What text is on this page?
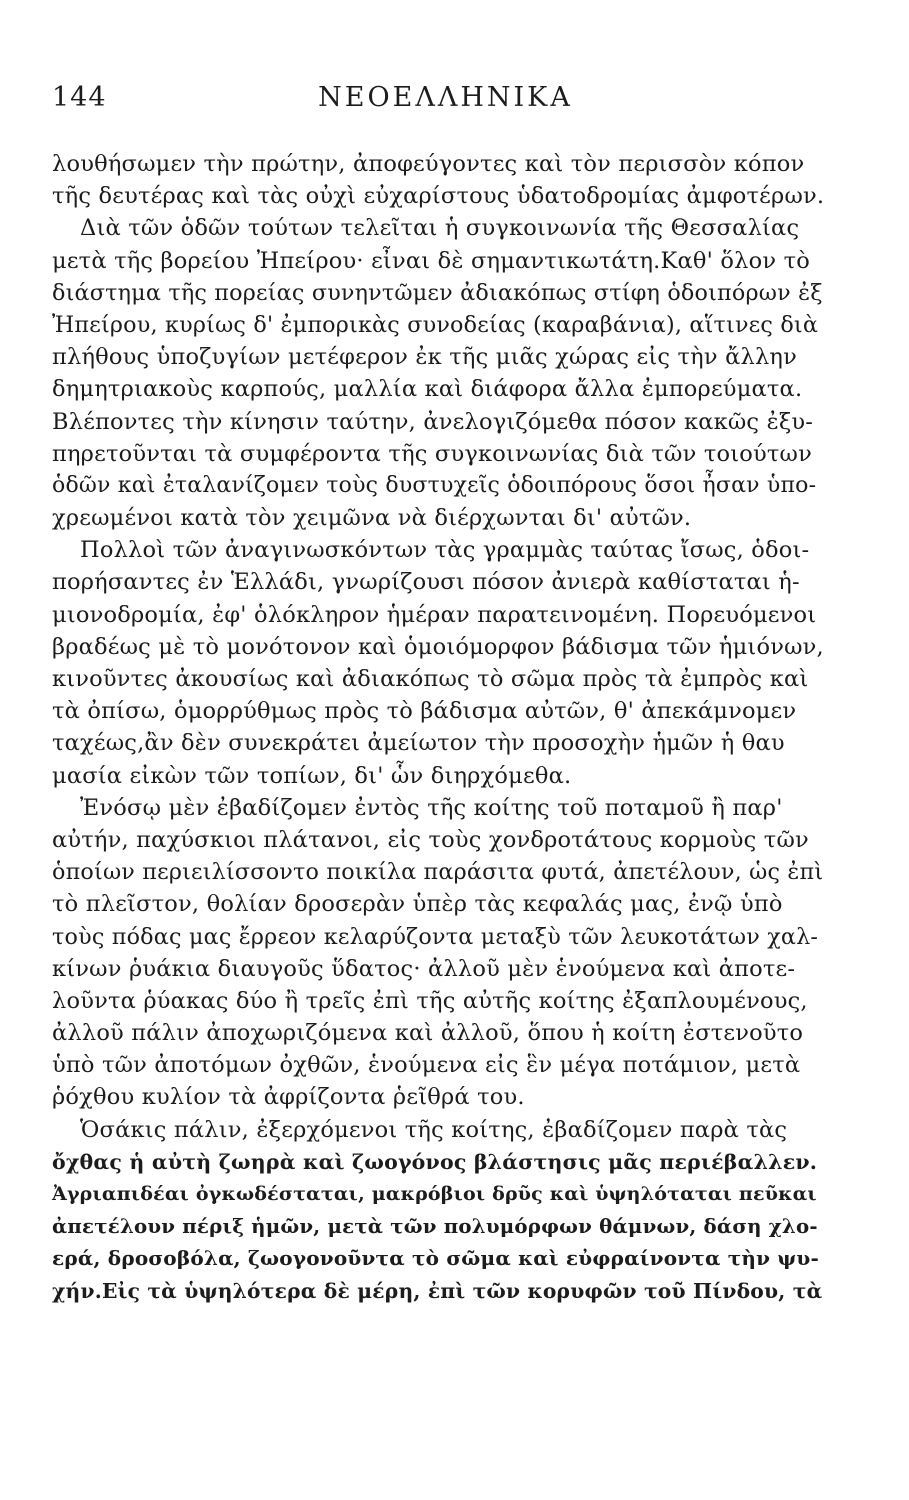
144	ΝΕΟΕΛΛΗΝΙΚΑ
λουθήσωμεν τὴν πρώτην, ἀποφεύγοντες καὶ τὸν περισσὸν κόπον
τῆς δευτέρας καὶ τὰς οὐχὶ εὐχαρίστους ὑδατοδρομίας ἀμφοτέρων.
Διὰ τῶν ὁδῶν τούτων τελεῖται ἡ συγκοινωνία τῆς Θεσσαλίας
μετὰ τῆς βορείου Ἠπείρου· εἶναι δὲ σημαντικωτάτη.Καθ' ὅλον τὸ
διάστημα τῆς πορείας συνηντῶμεν ἀδιακόπως στίφη ὁδοιπόρων ἐξ
Ἠπείρου, κυρίως δ' ἐμπορικὰς συνοδείας (καραβάνια), αἵτινες διὰ
πλήθους ὑποζυγίων μετέφερον ἐκ τῆς μιᾶς χώρας εἰς τὴν ἄλλην
δημητριακοὺς καρπούς, μαλλία καὶ διάφορα ἄλλα ἐμπορεύματα.
Βλέποντες τὴν κίνησιν ταύτην, ἀνελογιζόμεθα πόσον κακῶς ἐξυ-
πηρετοῦνται τὰ συμφέροντα τῆς συγκοινωνίας διὰ τῶν τοιούτων
ὁδῶν καὶ ἐταλανίζομεν τοὺς δυστυχεῖς ὁδοιπόρους ὅσοι ἦσαν ὑπο-
χρεωμένοι κατὰ τὸν χειμῶνα νὰ διέρχωνται δι' αὐτῶν.
Πολλοὶ τῶν ἀναγινωσκόντων τὰς γραμμὰς ταύτας ἴσως, ὁδοι-
πορήσαντες ἐν Ἑλλάδι, γνωρίζουσι πόσον ἀνιερὰ καθίσταται ἡ-
μιονοδρομία, ἐφ' ὁλόκληρον ἡμέραν παρατεινομένη. Πορευόμενοι
βραδέως μὲ τὸ μονότονον καὶ ὁμοιόμορφον βάδισμα τῶν ἡμιόνων,
κινοῦντες ἀκουσίως καὶ ἀδιακόπως τὸ σῶμα πρὸς τὰ ἐμπρὸς καὶ
τὰ ὀπίσω, ὁμορρύθμως πρὸς τὸ βάδισμα αὐτῶν, θ' ἀπεκάμνομεν
ταχέως,ἂν δὲν συνεκράτει ἀμείωτον τὴν προσοχὴν ἡμῶν ἡ θαυ
μασία εἰκὼν τῶν τοπίων, δι' ὧν διηρχόμεθα.
Ἐνόσῳ μὲν ἐβαδίζομεν ἐντὸς τῆς κοίτης τοῦ ποταμοῦ ἢ παρ'
αὐτήν, παχύσκιοι πλάτανοι, εἰς τοὺς χονδροτάτους κορμοὺς τῶν
ὁποίων περιειλίσσοντο ποικίλα παράσιτα φυτά, ἀπετέλουν, ὡς ἐπὶ
τὸ πλεῖστον, θολίαν δροσερὰν ὑπὲρ τὰς κεφαλάς μας, ἐνῷ ὑπὸ
τοὺς πόδας μας ἔρρεον κελαρύζοντα μεταξὺ τῶν λευκοτάτων χαλ-
κίνων ῥυάκια διαυγοῦς ὕδατος· ἀλλοῦ μὲν ἑνούμενα καὶ ἀποτε-
λοῦντα ῥύακας δύο ἢ τρεῖς ἐπὶ τῆς αὐτῆς κοίτης ἐξαπλουμένους,
ἀλλοῦ πάλιν ἀποχωριζόμενα καὶ ἀλλοῦ, ὅπου ἡ κοίτη ἐστενοῦτο
ὑπὸ τῶν ἀποτόμων ὀχθῶν, ἑνούμενα εἰς ἓν μέγα ποτάμιον, μετὰ
ῥόχθου κυλίον τὰ ἀφρίζοντα ῥεῖθρά του.
Ὁσάκις πάλιν, ἐξερχόμενοι τῆς κοίτης, ἐβαδίζομεν παρὰ τὰς
ὄχθας ἡ αὐτὴ ζωηρὰ καὶ ζωογόνος βλάστησις μᾶς περιέβαλλεν.
Ἀγριαπιδέαι ὀγκωδέσταται, μακρόβιοι δρῦς καὶ ὑψηλόταται πεῦκαι
ἀπετέλουν πέριξ ἡμῶν, μετὰ τῶν πολυμόρφων θάμνων, δάση χλο-
ερά, δροσοβόλα, ζωογονοῦντα τὸ σῶμα καὶ εὐφραίνοντα τὴν ψυ-
χήν.Εἰς τὰ ὑψηλότερα δὲ μέρη, ἐπὶ τῶν κορυφῶν τοῦ Πίνδου, τὰ
